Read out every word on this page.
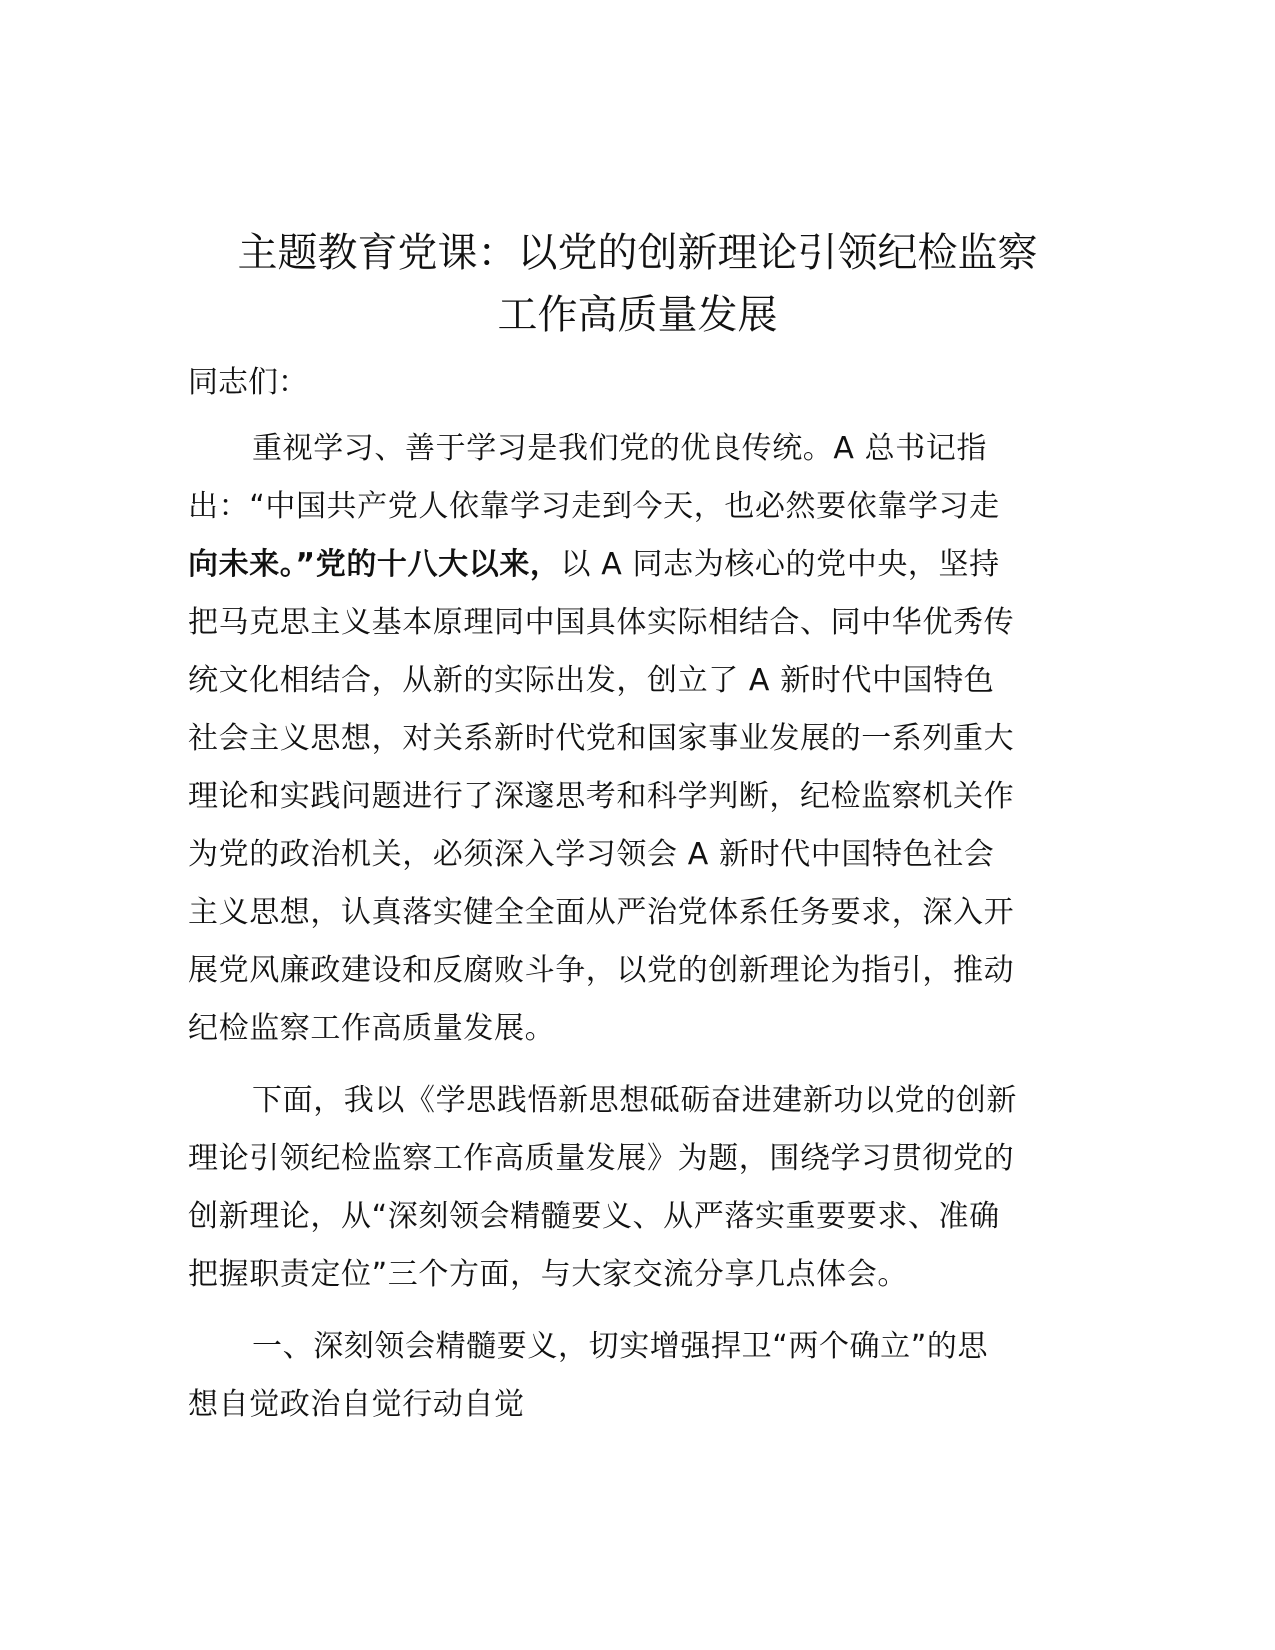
主题教育党课：以党的创新理论引领纪检监察
工作高质量发展

同志们：

重视学习、善于学习是我们党的优良传统。A 总书记指
出：“中国共产党人依靠学习走到今天，也必然要依靠学习走
向未来。”党的十八大以来，以 A 同志为核心的党中央，坚持
把马克思主义基本原理同中国具体实际相结合、同中华优秀传
统文化相结合，从新的实际出发，创立了 A 新时代中国特色
社会主义思想，对关系新时代党和国家事业发展的一系列重大
理论和实践问题进行了深邃思考和科学判断，纪检监察机关作
为党的政治机关，必须深入学习领会 A 新时代中国特色社会
主义思想，认真落实健全全面从严治党体系任务要求，深入开
展党风廉政建设和反腐败斗争，以党的创新理论为指引，推动
纪检监察工作高质量发展。

下面，我以《学思践悟新思想砥砺奋进建新功以党的创新
理论引领纪检监察工作高质量发展》为题，围绕学习贯彻党的
创新理论，从“深刻领会精髓要义、从严落实重要要求、准确
把握职责定位”三个方面，与大家交流分享几点体会。

一、深刻领会精髓要义，切实增强捍卫“两个确立”的思
想自觉政治自觉行动自觉
